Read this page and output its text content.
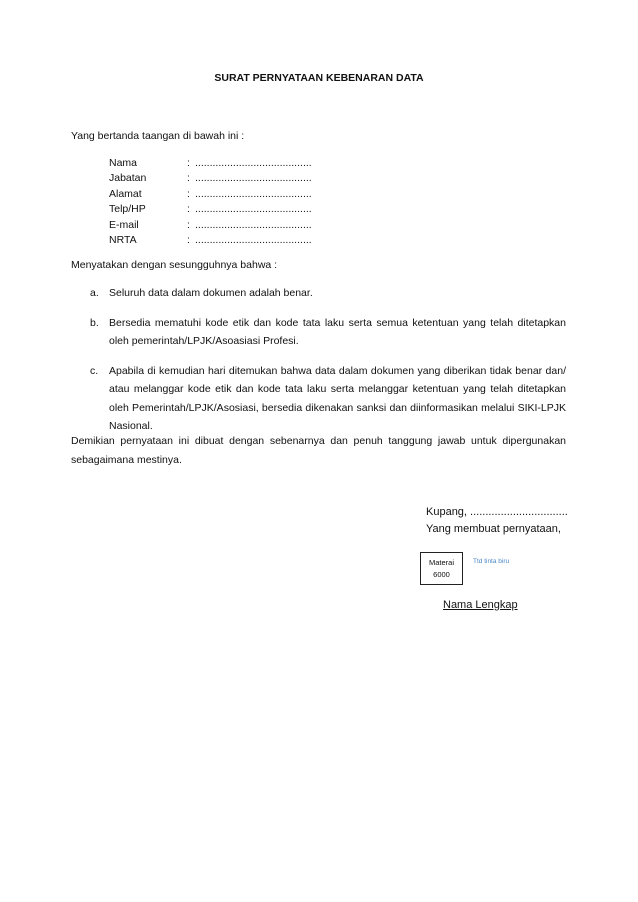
SURAT PERNYATAAN KEBENARAN DATA
Yang bertanda taangan di bawah ini :
Nama	: ........................................
Jabatan	: ........................................
Alamat	: ........................................
Telp/HP	: ........................................
E-mail	: ........................................
NRTA	: ........................................
Menyatakan dengan sesungguhnya bahwa :
a. Seluruh data dalam dokumen adalah benar.
b. Bersedia mematuhi kode etik dan kode tata laku serta semua ketentuan yang telah ditetapkan oleh pemerintah/LPJK/Asoasiasi Profesi.
c.	Apabila di kemudian hari ditemukan bahwa data dalam dokumen yang diberikan tidak benar dan/ atau melanggar kode etik dan kode tata laku serta melanggar ketentuan yang telah ditetapkan oleh Pemerintah/LPJK/Asosiasi, bersedia dikenakan sanksi dan diinformasikan melalui SIKI-LPJK Nasional.
Demikian pernyataan ini dibuat dengan sebenarnya dan penuh tanggung jawab untuk dipergunakan sebagaimana mestinya.
Kupang, ................................
Yang membuat pernyataan,
Materai
6000
Ttd tinta biru
Nama Lengkap
